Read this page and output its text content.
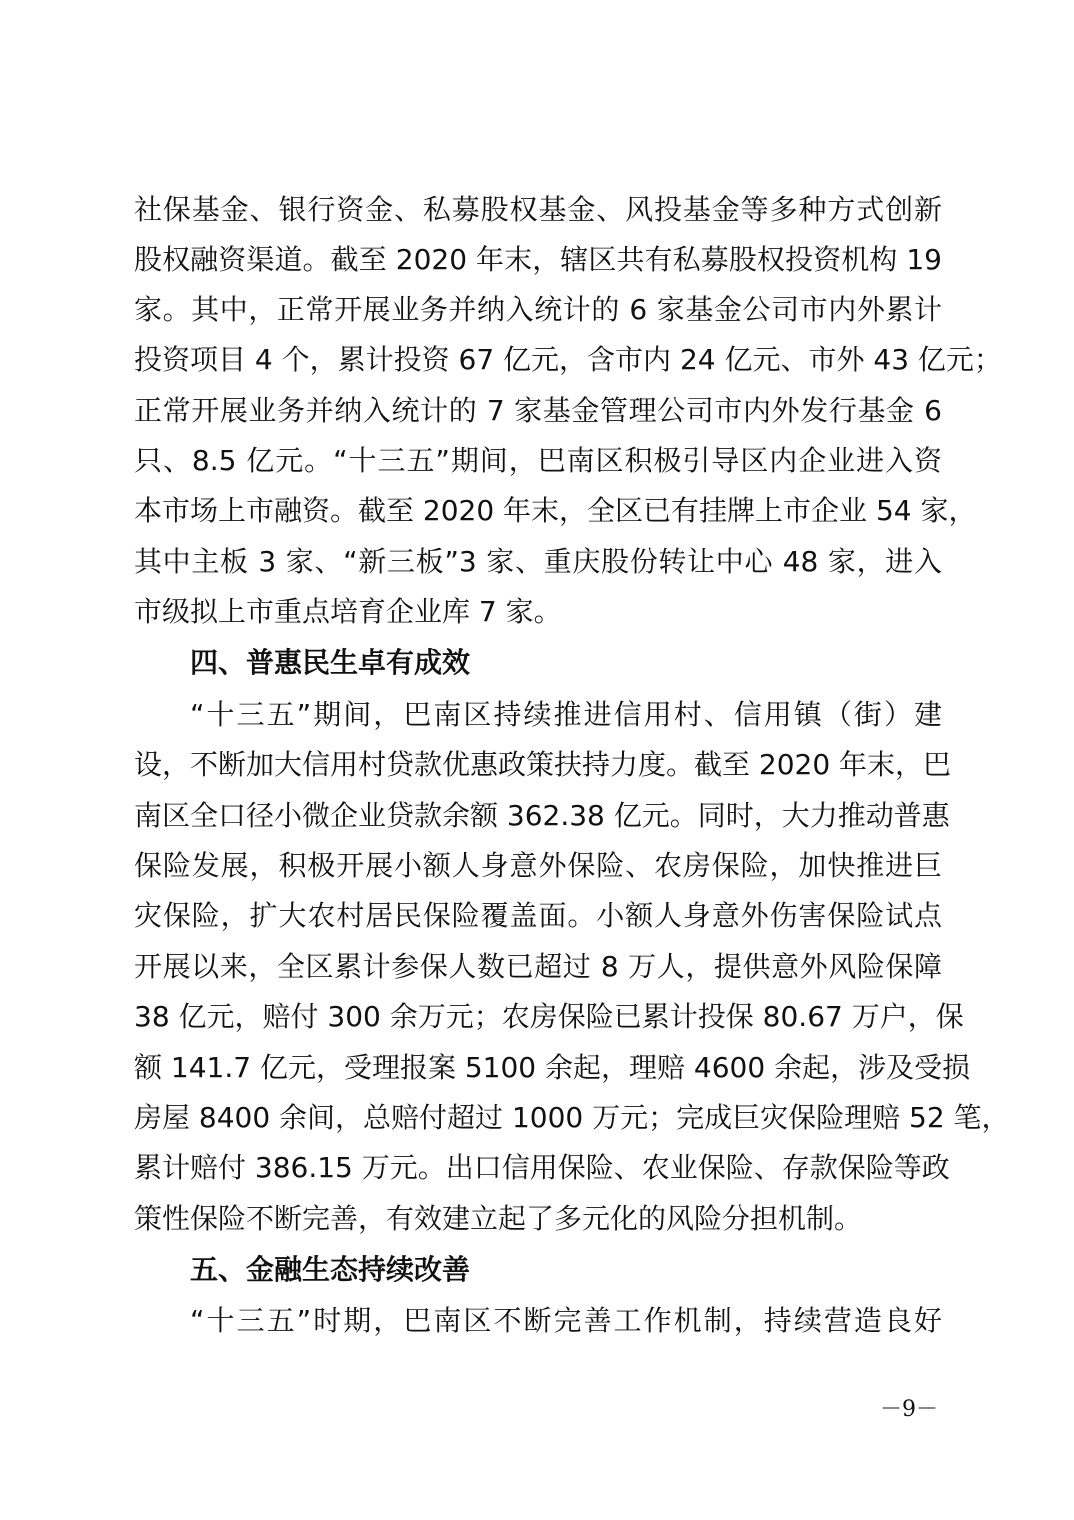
社保基金、银行资金、私募股权基金、风投基金等多种方式创新
股权融资渠道。截至 2020 年末，辖区共有私募股权投资机构 19
家。其中，正常开展业务并纳入统计的 6 家基金公司市内外累计
投资项目 4 个，累计投资 67 亿元，含市内 24 亿元、市外 43 亿元；
正常开展业务并纳入统计的 7 家基金管理公司市内外发行基金 6
只、8.5 亿元。“十三五”期间，巴南区积极引导区内企业进入资
本市场上市融资。截至 2020 年末，全区已有挂牌上市企业 54 家，
其中主板 3 家、“新三板”3 家、重庆股份转让中心 48 家，进入
市级拟上市重点培育企业库 7 家。
四、普惠民生卓有成效
“十三五”期间，巴南区持续推进信用村、信用镇（街）建
设，不断加大信用村贷款优惠政策扶持力度。截至 2020 年末，巴
南区全口径小微企业贷款余额 362.38 亿元。同时，大力推动普惠
保险发展，积极开展小额人身意外保险、农房保险，加快推进巨
灾保险，扩大农村居民保险覆盖面。小额人身意外伤害保险试点
开展以来，全区累计参保人数已超过 8 万人，提供意外风险保障
38 亿元，赔付 300 余万元；农房保险已累计投保 80.67 万户，保
额 141.7 亿元，受理报案 5100 余起，理赔 4600 余起，涉及受损
房屋 8400 余间，总赔付超过 1000 万元；完成巨灾保险理赔 52 笔，
累计赔付 386.15 万元。出口信用保险、农业保险、存款保险等政
策性保险不断完善，有效建立起了多元化的风险分担机制。
五、金融生态持续改善
“十三五”时期，巴南区不断完善工作机制，持续营造良好
－9－
